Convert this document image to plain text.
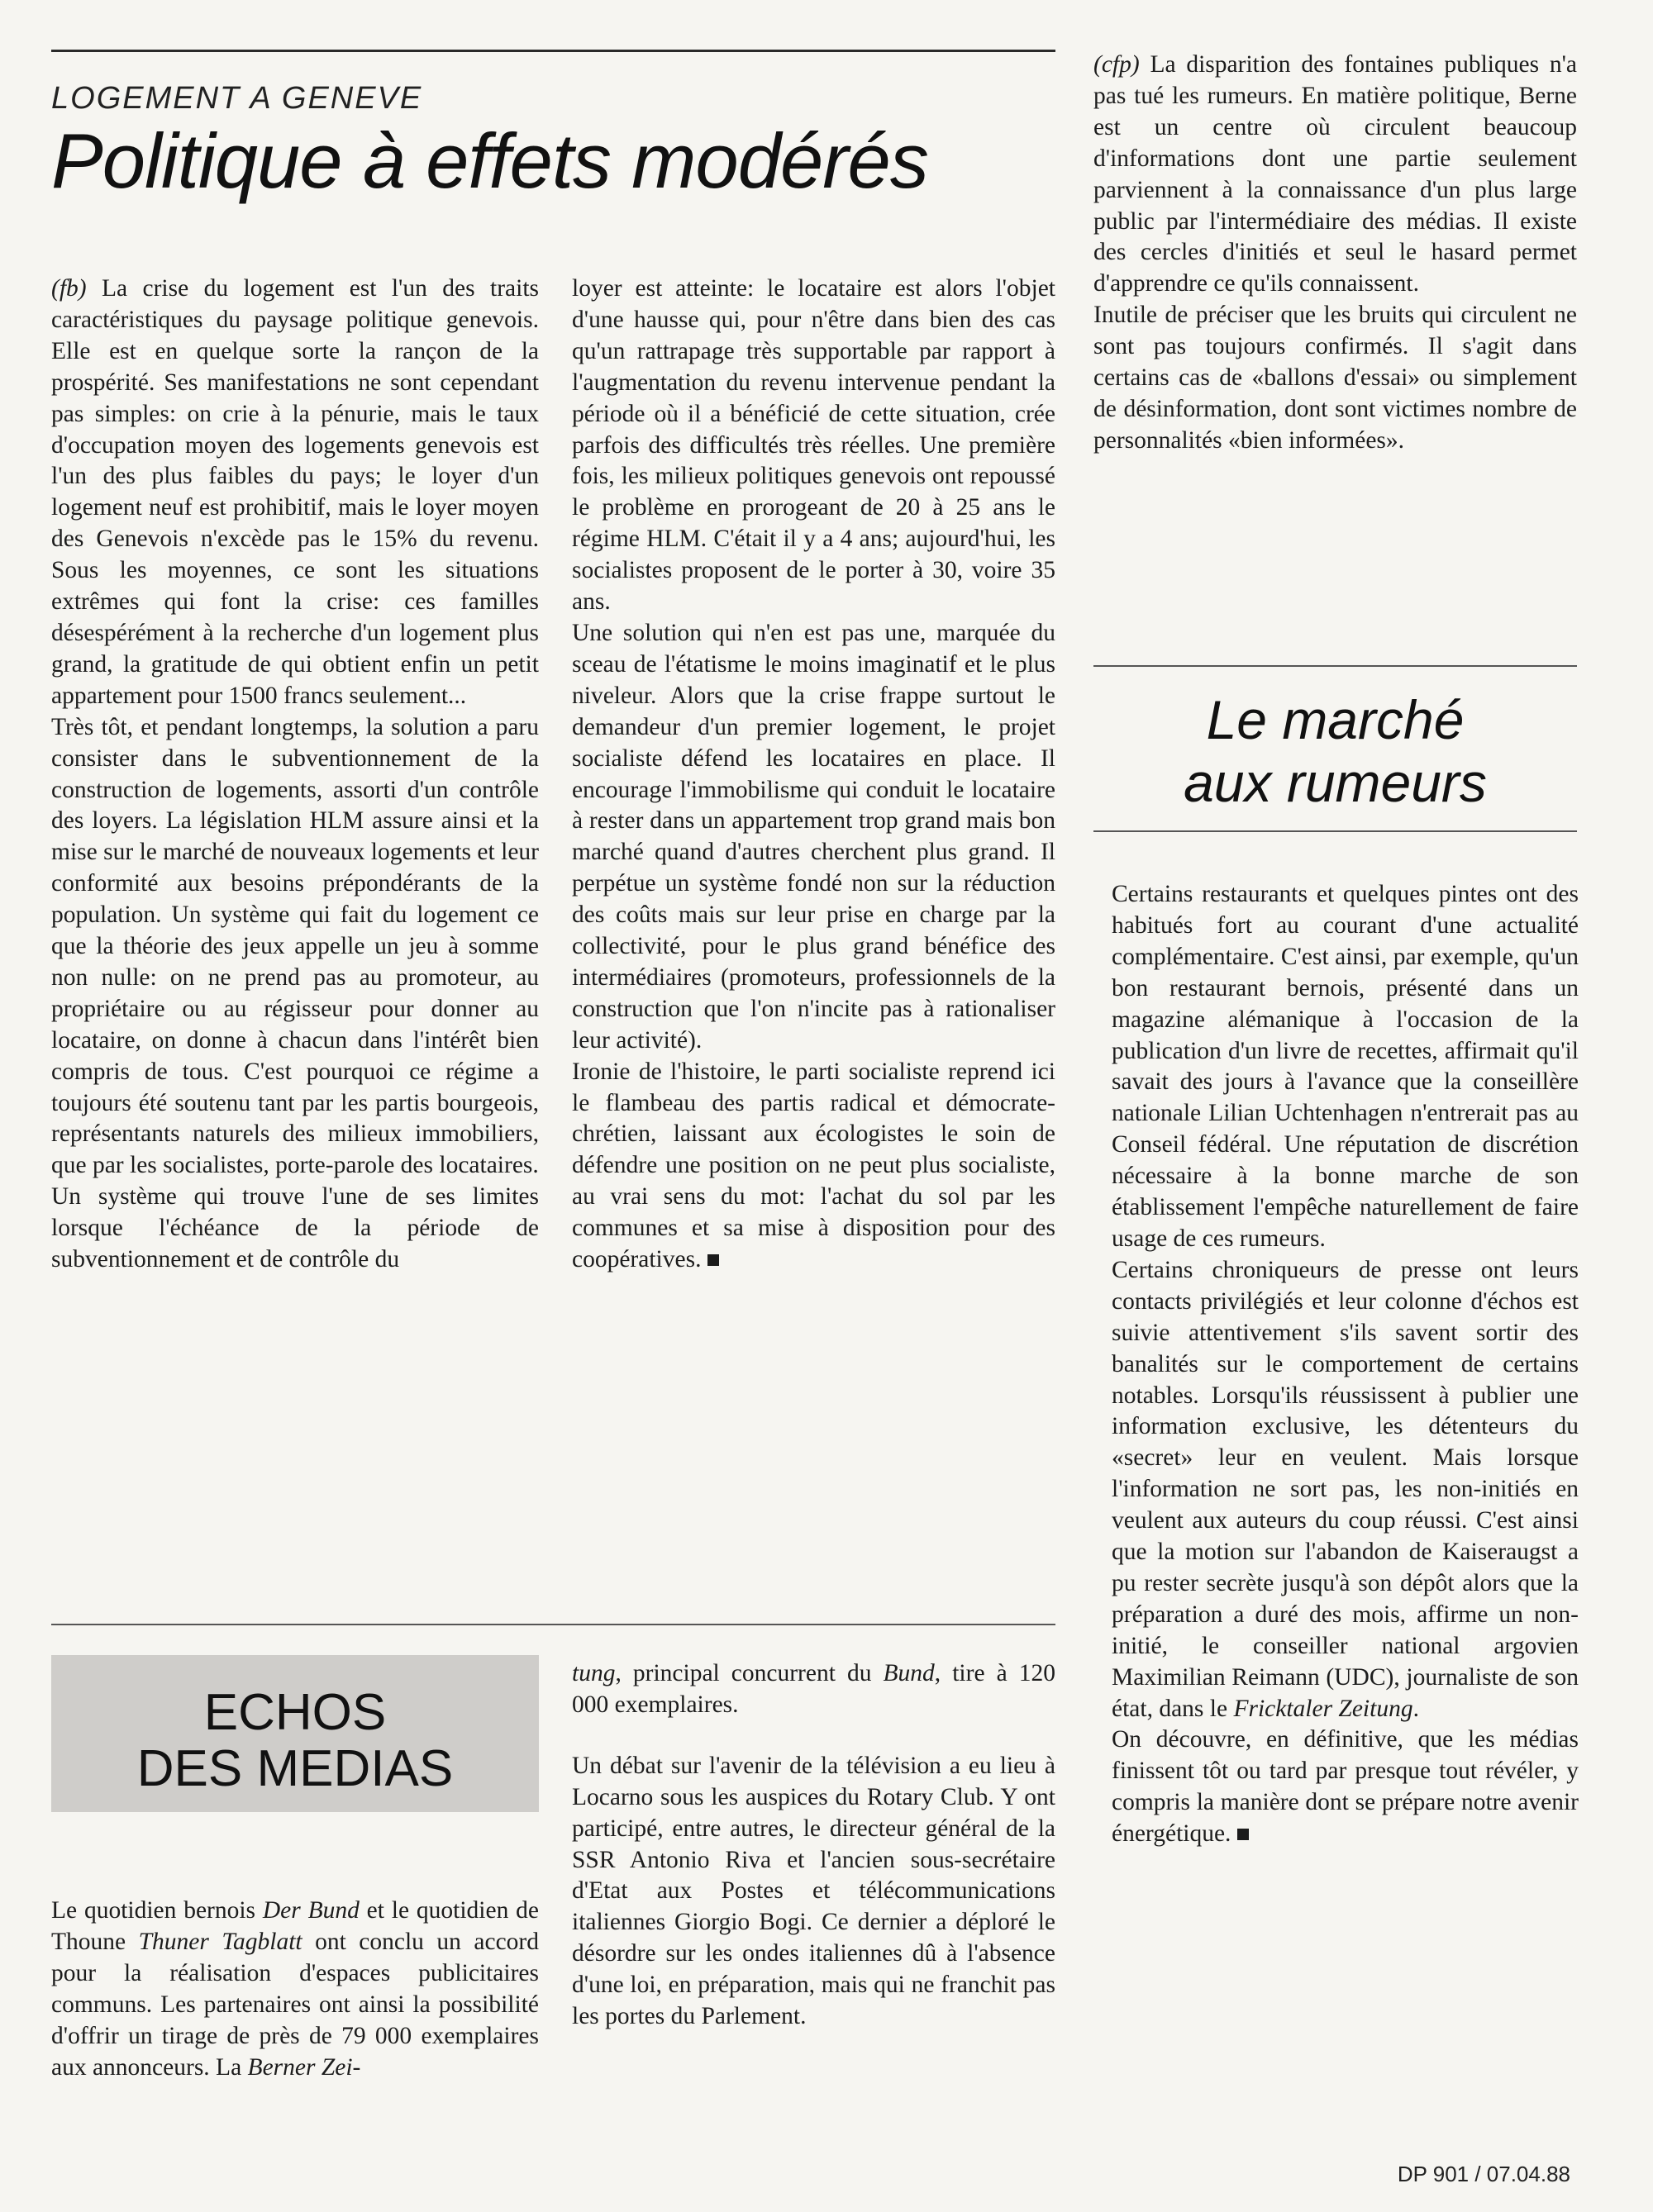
LOGEMENT A GENEVE
Politique à effets modérés

(fb) La crise du logement est l'un des traits caractéristiques du paysage politique genevois. Elle est en quelque sorte la rançon de la prospérité. Ses manifestations ne sont cependant pas simples: on crie à la pénurie, mais le taux d'occupation moyen des logements genevois est l'un des plus faibles du pays; le loyer d'un logement neuf est prohibitif, mais le loyer moyen des Genevois n'excède pas le 15% du revenu. Sous les moyennes, ce sont les situations extrêmes qui font la crise: ces familles désespérément à la recherche d'un logement plus grand, la gratitude de qui obtient enfin un petit appartement pour 1500 francs seulement...

Très tôt, et pendant longtemps, la solution a paru consister dans le subventionnement de la construction de logements, assorti d'un contrôle des loyers. La législation HLM assure ainsi et la mise sur le marché de nouveaux logements et leur conformité aux besoins prépondérants de la population. Un système qui fait du logement ce que la théorie des jeux appelle un jeu à somme non nulle: on ne prend pas au promoteur, au propriétaire ou au régisseur pour donner au locataire, on donne à chacun dans l'intérêt bien compris de tous. C'est pourquoi ce régime a toujours été soutenu tant par les partis bourgeois, représentants naturels des milieux immobiliers, que par les socialistes, porte-parole des locataires.

Un système qui trouve l'une de ses limites lorsque l'échéance de la période de subventionnement et de contrôle du

loyer est atteinte: le locataire est alors l'objet d'une hausse qui, pour n'être dans bien des cas qu'un rattrapage très supportable par rapport à l'augmentation du revenu intervenue pendant la période où il a bénéficié de cette situation, crée parfois des difficultés très réelles. Une première fois, les milieux politiques genevois ont repoussé le problème en prorogeant de 20 à 25 ans le régime HLM. C'était il y a 4 ans; aujourd'hui, les socialistes proposent de le porter à 30, voire 35 ans.

Une solution qui n'en est pas une, marquée du sceau de l'étatisme le moins imaginatif et le plus niveleur. Alors que la crise frappe surtout le demandeur d'un premier logement, le projet socialiste défend les locataires en place. Il encourage l'immobilisme qui conduit le locataire à rester dans un appartement trop grand mais bon marché quand d'autres cherchent plus grand. Il perpétue un système fondé non sur la réduction des coûts mais sur leur prise en charge par la collectivité, pour le plus grand bénéfice des intermédiaires (promoteurs, professionnels de la construction que l'on n'incite pas à rationaliser leur activité).

Ironie de l'histoire, le parti socialiste reprend ici le flambeau des partis radical et démocrate-chrétien, laissant aux écologistes le soin de défendre une position on ne peut plus socialiste, au vrai sens du mot: l'achat du sol par les communes et sa mise à disposition pour des coopératives.

(cfp) La disparition des fontaines publiques n'a pas tué les rumeurs. En matière politique, Berne est un centre où circulent beaucoup d'informations dont une partie seulement parviennent à la connaissance d'un plus large public par l'intermédiaire des médias. Il existe des cercles d'initiés et seul le hasard permet d'apprendre ce qu'ils connaissent.

Inutile de préciser que les bruits qui circulent ne sont pas toujours confirmés. Il s'agit dans certains cas de «ballons d'essai» ou simplement de désinformation, dont sont victimes nombre de personnalités «bien informées».

Le marché
aux rumeurs

Certains restaurants et quelques pintes ont des habitués fort au courant d'une actualité complémentaire. C'est ainsi, par exemple, qu'un bon restaurant bernois, présenté dans un magazine alémanique à l'occasion de la publication d'un livre de recettes, affirmait qu'il savait des jours à l'avance que la conseillère nationale Lilian Uchtenhagen n'entrerait pas au Conseil fédéral. Une réputation de discrétion nécessaire à la bonne marche de son établissement l'empêche naturellement de faire usage de ces rumeurs.

Certains chroniqueurs de presse ont leurs contacts privilégiés et leur colonne d'échos est suivie attentivement s'ils savent sortir des banalités sur le comportement de certains notables. Lorsqu'ils réussissent à publier une information exclusive, les détenteurs du «secret» leur en veulent. Mais lorsque l'information ne sort pas, les non-initiés en veulent aux auteurs du coup réussi. C'est ainsi que la motion sur l'abandon de Kaiseraugst a pu rester secrète jusqu'à son dépôt alors que la préparation a duré des mois, affirme un non-initié, le conseiller national argovien Maximilian Reimann (UDC), journaliste de son état, dans le Fricktaler Zeitung.

On découvre, en définitive, que les médias finissent tôt ou tard par presque tout révéler, y compris la manière dont se prépare notre avenir énergétique.

ECHOS
DES MEDIAS

Le quotidien bernois Der Bund et le quotidien de Thoune Thuner Tagblatt ont conclu un accord pour la réalisation d'espaces publicitaires communs. Les partenaires ont ainsi la possibilité d'offrir un tirage de près de 79 000 exemplaires aux annonceurs. La Berner Zei-

tung, principal concurrent du Bund, tire à 120 000 exemplaires.

Un débat sur l'avenir de la télévision a eu lieu à Locarno sous les auspices du Rotary Club. Y ont participé, entre autres, le directeur général de la SSR Antonio Riva et l'ancien sous-secrétaire d'Etat aux Postes et télécommunications italiennes Giorgio Bogi. Ce dernier a déploré le désordre sur les ondes italiennes dû à l'absence d'une loi, en préparation, mais qui ne franchit pas les portes du Parlement.

DP 901 / 07.04.88
